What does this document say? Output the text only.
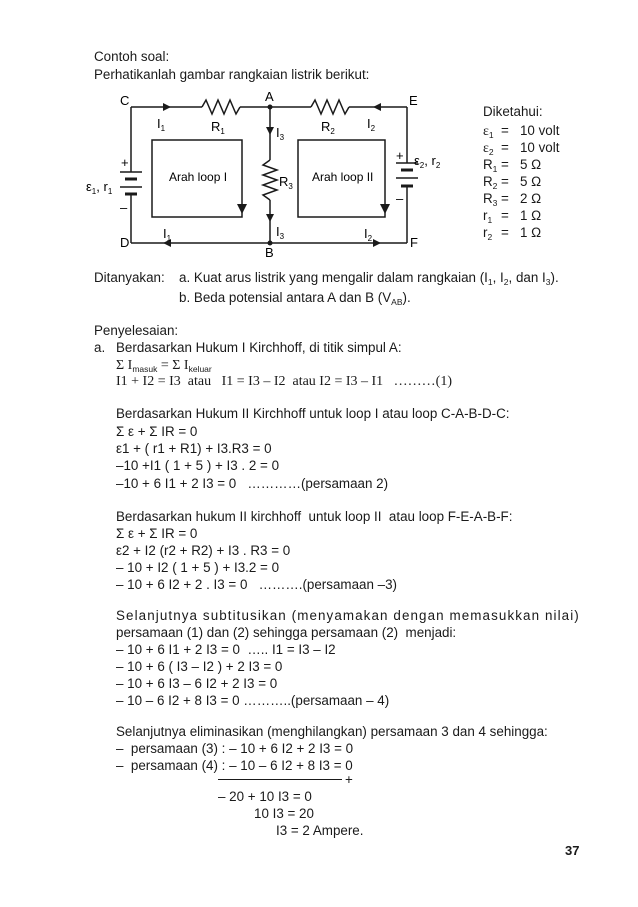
Contoh soal:
Perhatikanlah gambar rangkaian listrik berikut:
C	A	E
D
B
F
$R_1$	$R_2$
$R_3$
$I_1$	$I_2$
$I_3$
$I_1$	$I_2$
$I_3$
$\varepsilon_1$, $r_1$
$\varepsilon_2$, $r_2$
+
–
+
–
Arah loop I	Arah loop II
Diketahui:
$\varepsilon_1 = 10$ volt
$\varepsilon_2 = 10$ volt
$R_1 = 5$ Ω
$R_2 = 5$ Ω
$R_3 = 2$ Ω
$r_1 = 1$ Ω
$r_2 = 1$ Ω
Ditanyakan: a. Kuat arus listrik yang mengalir dalam rangkaian ($I_1$, $I_2$, dan $I_3$).
b. Beda potensial antara A dan B $(V_{AB})$.
Penyelesaian:
a. Berdasarkan Hukum I Kirchhoff, di titik simpul A:
Σ $I_{masuk} = \Sigma$ $I_{keluar}$
I1 + I2 = I3  atau   I1 = I3 – I2  atau I2 = I3 – I1   ………(1)
Berdasarkan Hukum II Kirchhoff untuk loop I atau loop C-A-B-D-C:
Σ ε + Σ IR = 0
ε1 + ( r1 + R1) + I3.R3 = 0
–10 +I1 ( 1 + 5 ) + I3 . 2 = 0
–10 + 6 I1 + 2 I3 = 0   …………(persamaan 2)
Berdasarkan hukum II kirchhoff  untuk loop II  atau loop F-E-A-B-F:
Σ ε + Σ IR = 0
ε2 + I2 (r2 + R2) + I3 . R3 = 0
– 10 + I2 ( 1 + 5 ) + I3.2 = 0
– 10 + 6 I2 + 2 . I3 = 0   ……….(persamaan –3)
Selanjutnya subtitusikan (menyamakan dengan memasukkan nilai)
persamaan (1) dan (2) sehingga persamaan (2)  menjadi:
– 10 + 6 I1 + 2 I3 = 0  ….. I1 = I3 – I2
– 10 + 6 ( I3 – I2 ) + 2 I3 = 0
– 10 + 6 I3 – 6 I2 + 2 I3 = 0
– 10 – 6 I2 + 8 I3 = 0 ………..(persamaan – 4)
Selanjutnya eliminasikan (menghilangkan) persamaan 3 dan 4 sehingga:
–  persamaan (3) : – 10 + 6 I2 + 2 I3 = 0
–  persamaan (4) : – 10 – 6 I2 + 8 I3 = 0
+
– 20 + 10 I3 = 0
10 I3 = 20
I3 = 2 Ampere.
37
